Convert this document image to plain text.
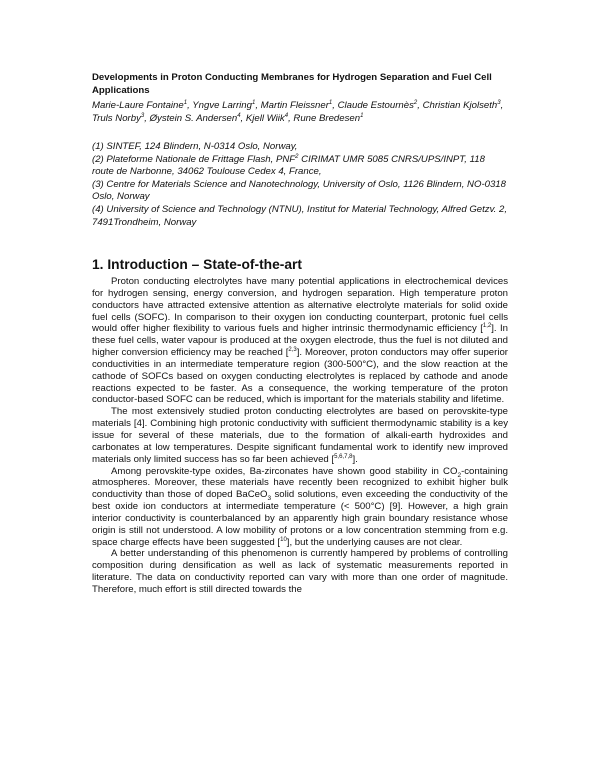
Developments in Proton Conducting Membranes for Hydrogen Separation and Fuel Cell Applications

Marie-Laure Fontaine$^1$, Yngve Larring$^1$, Martin Fleissner$^1$, Claude Estournès$^2$, Christian Kjolseth$^3$, Truls Norby$^3$, Øystein S. Andersen$^4$, Kjell Wiik$^4$, Rune Bredesen$^1$

(1) SINTEF, 124 Blindern, N-0314 Oslo, Norway,

(2) Plateforme Nationale de Frittage Flash, PNF$^2$ CIRIMAT UMR 5085 CNRS/UPS/INPT, 118 route de Narbonne, 34062 Toulouse Cedex 4, France,

(3) Centre for Materials Science and Nanotechnology, University of Oslo, 1126 Blindern, NO-0318 Oslo, Norway

(4) University of Science and Technology (NTNU), Institut for Material Technology, Alfred Getzv. 2, 7491Trondheim, Norway

1. Introduction – State-of-the-art

Proton conducting electrolytes have many potential applications in electrochemical devices for hydrogen sensing, energy conversion, and hydrogen separation. High temperature proton conductors have attracted extensive attention as alternative electrolyte materials for solid oxide fuel cells (SOFC). In comparison to their oxygen ion conducting counterpart, protonic fuel cells would offer higher flexibility to various fuels and higher intrinsic thermodynamic efficiency [$^{1,2}$]. In these fuel cells, water vapour is produced at the oxygen electrode, thus the fuel is not diluted and higher conversion efficiency may be reached [$^{2,3}$]. Moreover, proton conductors may offer superior conductivities in an intermediate temperature region (300-500°C), and the slow reaction at the cathode of SOFCs based on oxygen conducting electrolytes is replaced by cathode and anode reactions expected to be faster. As a consequence, the working temperature of the proton conductor-based SOFC can be reduced, which is important for the materials stability and lifetime.

The most extensively studied proton conducting electrolytes are based on perovskite-type materials [4]. Combining high protonic conductivity with sufficient thermodynamic stability is a key issue for several of these materials, due to the formation of alkali-earth hydroxides and carbonates at low temperatures. Despite significant fundamental work to identify new improved materials only limited success has so far been achieved [$^{5,6,7,8}$].

Among perovskite-type oxides, Ba-zirconates have shown good stability in $CO_2$-containing atmospheres. Moreover, these materials have recently been recognized to exhibit higher bulk conductivity than those of doped BaCeO$_3$ solid solutions, even exceeding the conductivity of the best oxide ion conductors at intermediate temperature (< 500°C) [9]. However, a high grain interior conductivity is counterbalanced by an apparently high grain boundary resistance whose origin is still not understood. A low mobility of protons or a low concentration stemming from e.g. space charge effects have been suggested [$^{10}$], but the underlying causes are not clear.

A better understanding of this phenomenon is currently hampered by problems of controlling composition during densification as well as lack of systematic measurements reported in literature. The data on conductivity reported can vary with more than one order of magnitude. Therefore, much effort is still directed towards the
